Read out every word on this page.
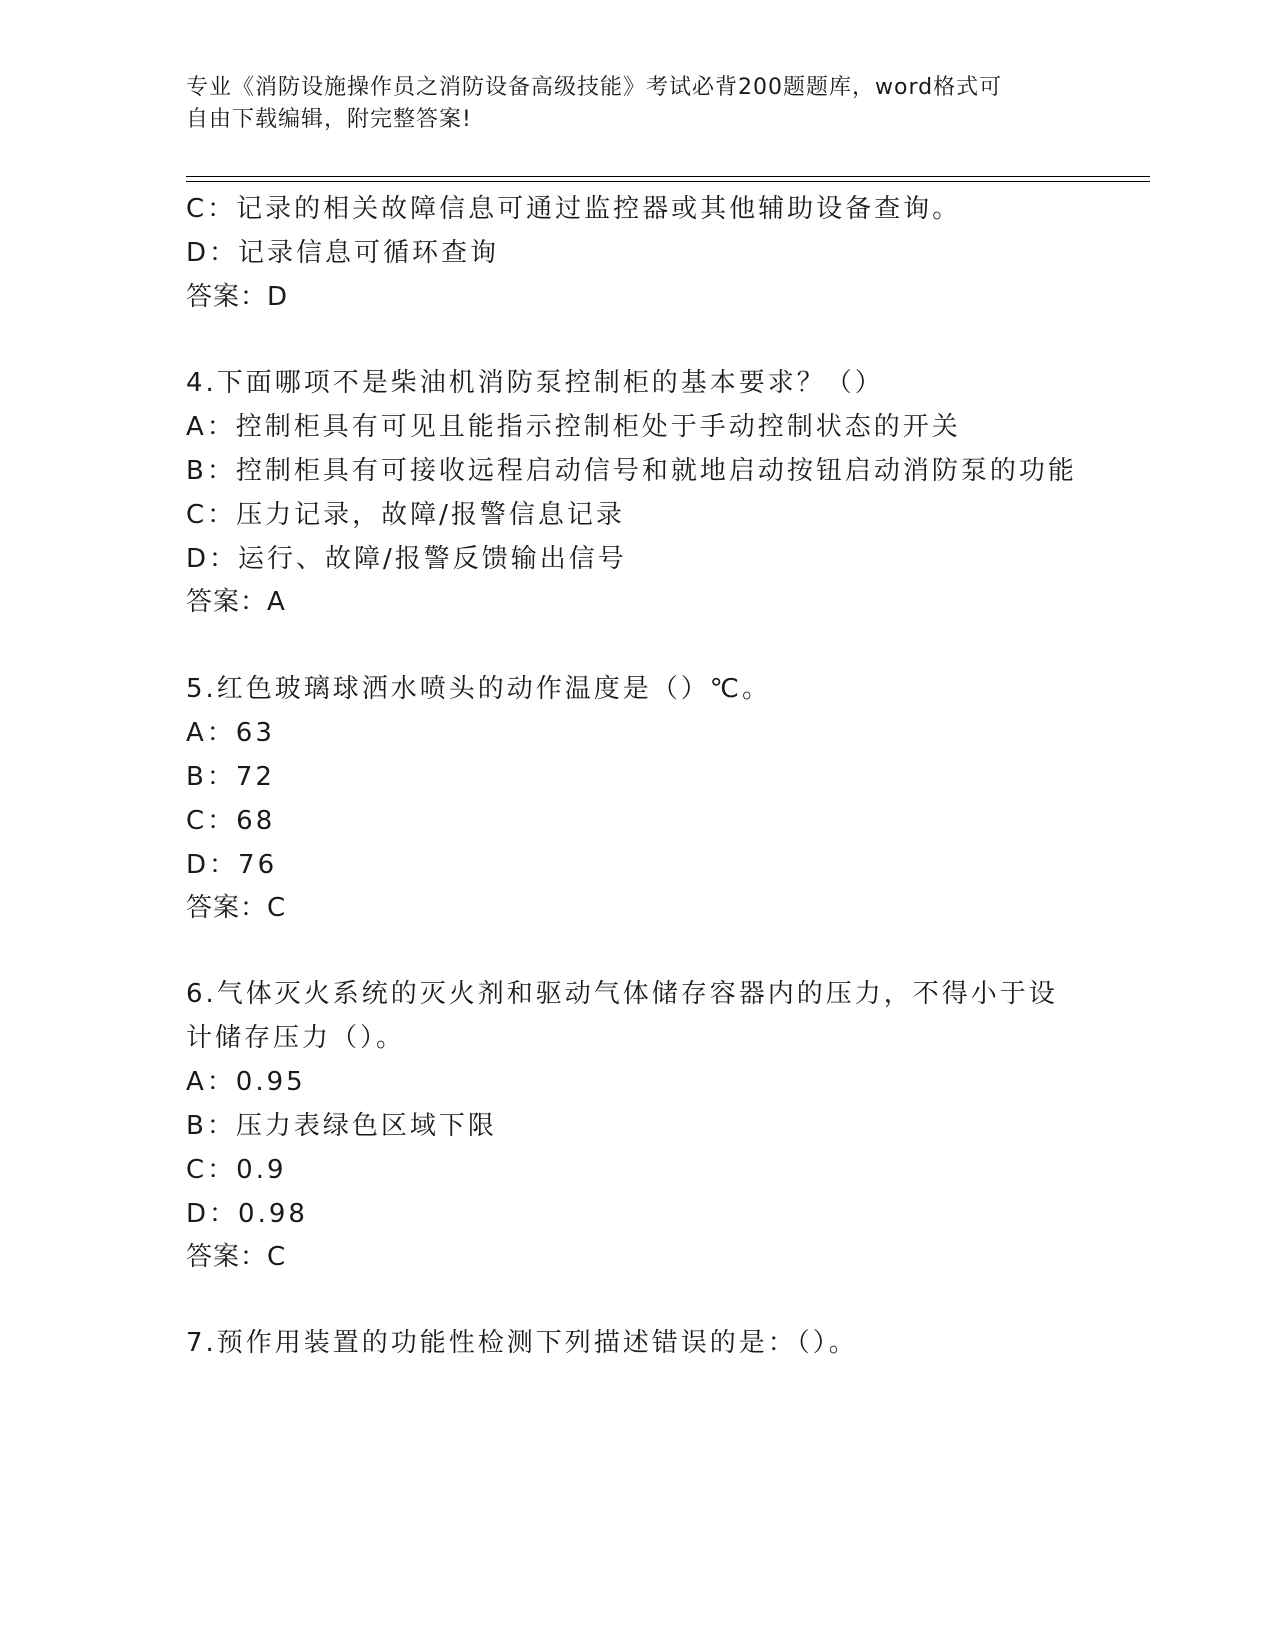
专业《消防设施操作员之消防设备高级技能》考试必背200题题库，word格式可
自由下载编辑，附完整答案!
C：记录的相关故障信息可通过监控器或其他辅助设备查询。
D：记录信息可循环查询
答案：D
4.下面哪项不是柴油机消防泵控制柜的基本要求？（）
A：控制柜具有可见且能指示控制柜处于手动控制状态的开关
B：控制柜具有可接收远程启动信号和就地启动按钮启动消防泵的功能
C：压力记录，故障/报警信息记录
D：运行、故障/报警反馈输出信号
答案：A
5.红色玻璃球洒水喷头的动作温度是（）℃。
A：63
B：72
C：68
D：76
答案：C
6.气体灭火系统的灭火剂和驱动气体储存容器内的压力，不得小于设
计储存压力（）。
A：0.95
B：压力表绿色区域下限
C：0.9
D：0.98
答案：C
7.预作用装置的功能性检测下列描述错误的是：（）。
